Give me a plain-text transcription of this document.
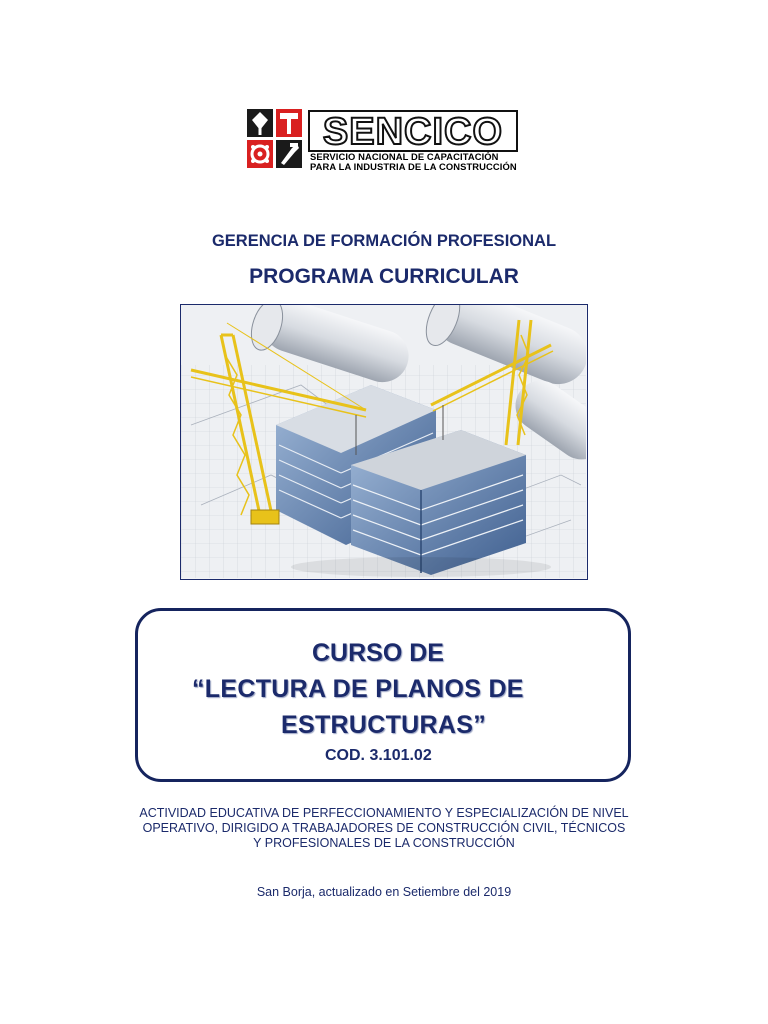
SENCICO
SERVICIO NACIONAL DE CAPACITACIÓN
PARA LA INDUSTRIA DE LA CONSTRUCCIÓN
GERENCIA DE FORMACIÓN PROFESIONAL
PROGRAMA CURRICULAR
CURSO DE
“LECTURA DE PLANOS DE
ESTRUCTURAS”
COD. 3.101.02
ACTIVIDAD EDUCATIVA DE PERFECCIONAMIENTO Y ESPECIALIZACIÓN DE NIVEL
OPERATIVO, DIRIGIDO A TRABAJADORES DE CONSTRUCCIÓN CIVIL, TÉCNICOS
Y PROFESIONALES DE LA CONSTRUCCIÓN
San Borja, actualizado en Setiembre del 2019
